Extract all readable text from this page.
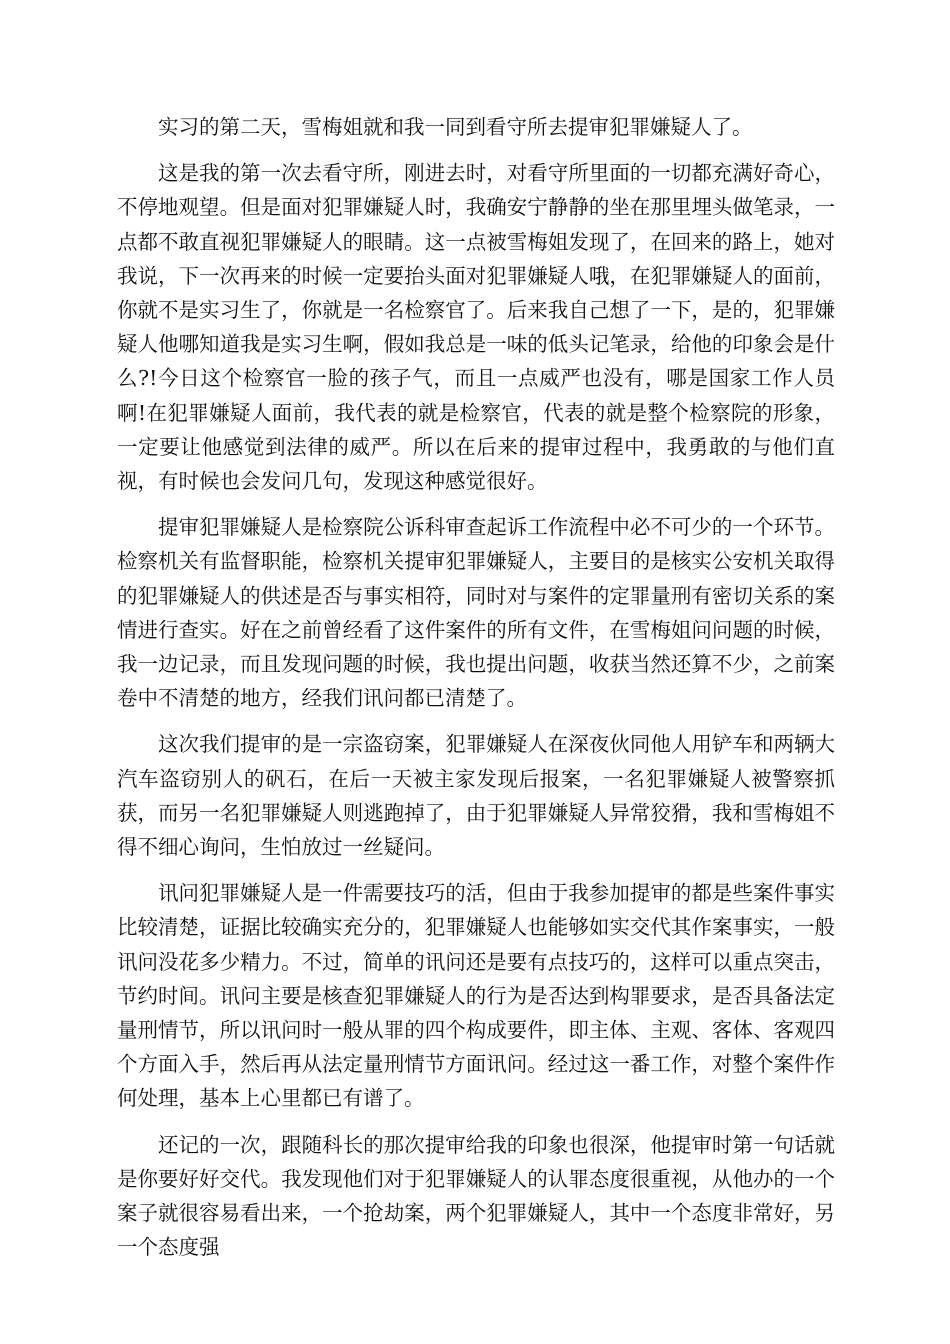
实习的第二天，雪梅姐就和我一同到看守所去提审犯罪嫌疑人了。

这是我的第一次去看守所，刚进去时，对看守所里面的一切都充满好奇心，不停地观望。但是面对犯罪嫌疑人时，我确安宁静静的坐在那里埋头做笔录，一点都不敢直视犯罪嫌疑人的眼睛。这一点被雪梅姐发现了，在回来的路上，她对我说，下一次再来的时候一定要抬头面对犯罪嫌疑人哦，在犯罪嫌疑人的面前，你就不是实习生了，你就是一名检察官了。后来我自己想了一下，是的，犯罪嫌疑人他哪知道我是实习生啊，假如我总是一味的低头记笔录，给他的印象会是什么?!今日这个检察官一脸的孩子气，而且一点威严也没有，哪是国家工作人员啊!在犯罪嫌疑人面前，我代表的就是检察官，代表的就是整个检察院的形象，一定要让他感觉到法律的威严。所以在后来的提审过程中，我勇敢的与他们直视，有时候也会发问几句，发现这种感觉很好。

提审犯罪嫌疑人是检察院公诉科审查起诉工作流程中必不可少的一个环节。检察机关有监督职能，检察机关提审犯罪嫌疑人，主要目的是核实公安机关取得的犯罪嫌疑人的供述是否与事实相符，同时对与案件的定罪量刑有密切关系的案情进行查实。好在之前曾经看了这件案件的所有文件，在雪梅姐问问题的时候，我一边记录，而且发现问题的时候，我也提出问题，收获当然还算不少，之前案卷中不清楚的地方，经我们讯问都已清楚了。

这次我们提审的是一宗盗窃案，犯罪嫌疑人在深夜伙同他人用铲车和两辆大汽车盗窃别人的矾石，在后一天被主家发现后报案，一名犯罪嫌疑人被警察抓获，而另一名犯罪嫌疑人则逃跑掉了，由于犯罪嫌疑人异常狡猾，我和雪梅姐不得不细心询问，生怕放过一丝疑问。

讯问犯罪嫌疑人是一件需要技巧的活，但由于我参加提审的都是些案件事实比较清楚，证据比较确实充分的，犯罪嫌疑人也能够如实交代其作案事实，一般讯问没花多少精力。不过，简单的讯问还是要有点技巧的，这样可以重点突击，节约时间。讯问主要是核查犯罪嫌疑人的行为是否达到构罪要求，是否具备法定量刑情节，所以讯问时一般从罪的四个构成要件，即主体、主观、客体、客观四个方面入手，然后再从法定量刑情节方面讯问。经过这一番工作，对整个案件作何处理，基本上心里都已有谱了。

还记的一次，跟随科长的那次提审给我的印象也很深，他提审时第一句话就是你要好好交代。我发现他们对于犯罪嫌疑人的认罪态度很重视，从他办的一个案子就很容易看出来，一个抢劫案，两个犯罪嫌疑人，其中一个态度非常好，另一个态度强
